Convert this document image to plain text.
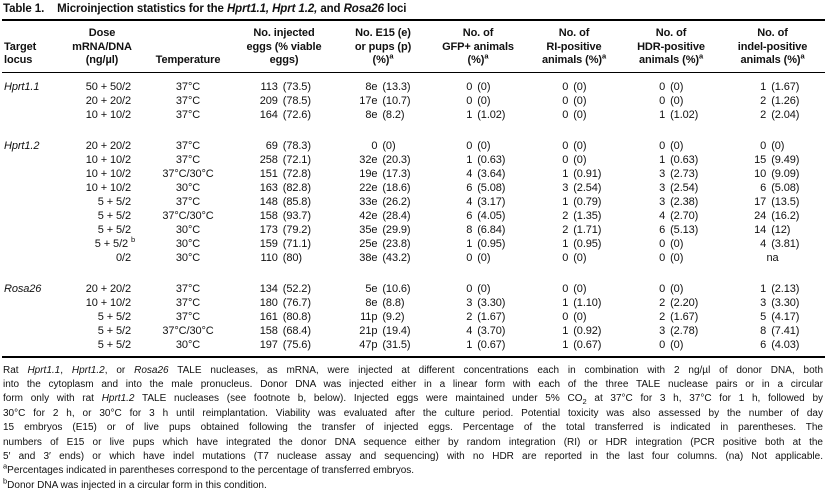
Table 1. Microinjection statistics for the Hprt1.1, Hprt 1.2, and Rosa26 loci
Target
locus

Dose
mRNA/DNA
(ng/µl)	Temperature

No. injected
eggs (% viable
eggs)

No. E15 (e)
or pups (p)
(%)$^a$

No. of
GFP+ animals
(%)$^a$

No. of
RI-positive
animals (%)$^a$

No. of
HDR-positive
animals (%)$^a$

No. of
indel-positive
animals (%)$^a$

Hprt1.1	50 + 50/2	37°C	113 (73.5)	8e (13.3)	0 (0)	0 (0)	0 (0)	1 (1.67)
	20 + 20/2	37°C	209 (78.5)	17e (10.7)	0 (0)	0 (0)	0 (0)	2 (1.26)
	10 + 10/2	37°C	164 (72.6)	8e (8.2)	1 (1.02)	0 (0)	1 (1.02)	2 (2.04)
Hprt1.2	20 + 20/2	37°C	69 (78.3)	0 (0)	0 (0)	0 (0)	0 (0)	0 (0)
	10 + 10/2	37°C	258 (72.1)	32e (20.3)	1 (0.63)	0 (0)	1 (0.63)	15 (9.49)
	10 + 10/2	37°C/30°C	151 (72.8)	19e (17.3)	4 (3.64)	1 (0.91)	3 (2.73)	10 (9.09)
	10 + 10/2	30°C	163 (82.8)	22e (18.6)	6 (5.08)	3 (2.54)	3 (2.54)	6 (5.08)
	5 + 5/2	37°C	148 (85.8)	33e (26.2)	4 (3.17)	1 (0.79)	3 (2.38)	17 (13.5)
	5 + 5/2	37°C/30°C	158 (93.7)	42e (28.4)	6 (4.05)	2 (1.35)	4 (2.70)	24 (16.2)
	5 + 5/2	30°C	173 (79.2)	35e (29.9)	8 (6.84)	2 (1.71)	6 (5.13)	14 (12)
	5 + 5/2 $^b$	30°C	159 (71.1)	25e (23.8)	1 (0.95)	1 (0.95)	0 (0)	4 (3.81)
	0/2	30°C	110 (80)	38e (43.2)	0 (0)	0 (0)	0 (0)	na
Rosa26	20 + 20/2	37°C	134 (52.2)	5e (10.6)	0 (0)	0 (0)	0 (0)	1 (2.13)
	10 + 10/2	37°C	180 (76.7)	8e (8.8)	3 (3.30)	1 (1.10)	2 (2.20)	3 (3.30)
	5 + 5/2	37°C	161 (80.8)	11p (9.2)	2 (1.67)	0 (0)	2 (1.67)	5 (4.17)
	5 + 5/2	37°C/30°C	158 (68.4)	21p (19.4)	4 (3.70)	1 (0.92)	3 (2.78)	8 (7.41)
	5 + 5/2	30°C	197 (75.6)	47p (31.5)	1 (0.67)	1 (0.67)	0 (0)	6 (4.03)
Rat Hprt1.1, Hprt1.2, or Rosa26 TALE nucleases, as mRNA, were injected at different concentrations each in combination with 2 ng/µl of donor DNA, both
into the cytoplasm and into the male pronucleus. Donor DNA was injected either in a linear form with each of the three TALE nuclease pairs or in a circular
form only with rat Hprt1.2 TALE nucleases (see footnote b, below). Injected eggs were maintained under 5% $CO_2$ at 37°C for 3 h, 37°C for 1 h, followed by
30°C for 2 h, or 30°C for 3 h until reimplantation. Viability was evaluated after the culture period. Potential toxicity was also assessed by the number of day
15 embryos (E15) or of live pups obtained following the transfer of injected eggs. Percentage of the total transferred is indicated in parentheses. The
numbers of E15 or live pups which have integrated the donor DNA sequence either by random integration (RI) or HDR integration (PCR positive both at the
5′ and 3′ ends) or which have indel mutations (T7 nuclease assay and sequencing) with no HDR are reported in the last four columns. (na) Not applicable.
$^a$Percentages indicated in parentheses correspond to the percentage of transferred embryos.
$^b$Donor DNA was injected in a circular form in this condition.
